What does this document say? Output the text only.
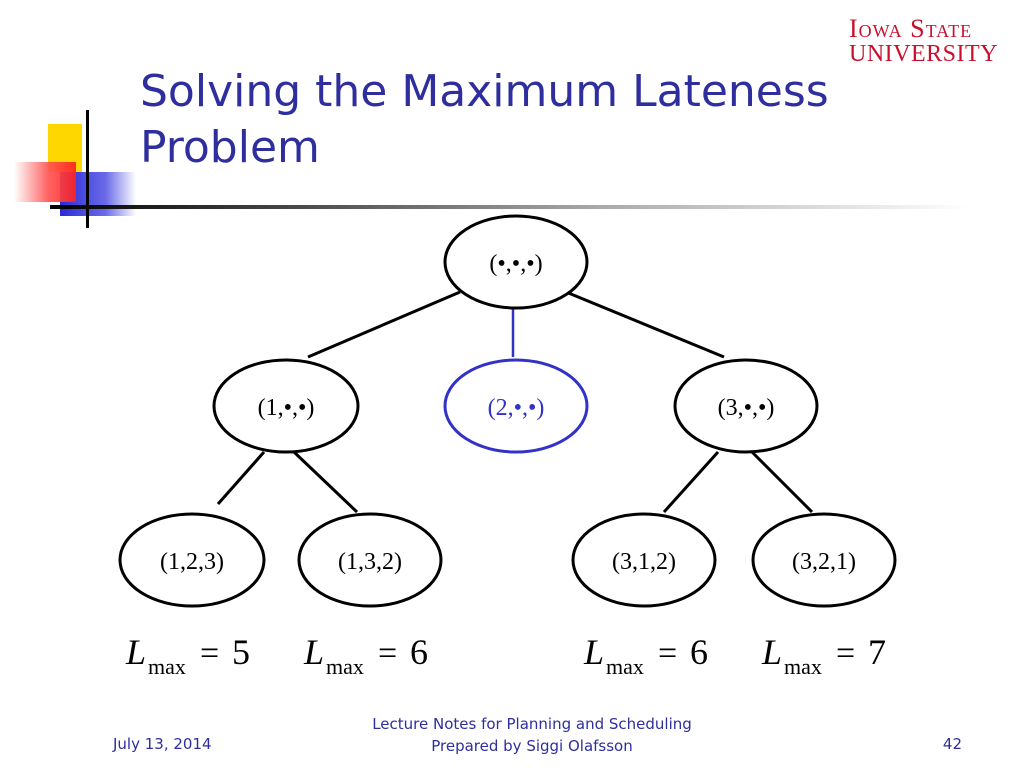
Iowa State
UNIVERSITY
Solving the Maximum Lateness
Problem
(•,•,•)
(1,•,•)	(2,•,•)	(3,•,•)
(1,2,3)	(1,3,2)	(3,1,2)	(3,2,1)
L max = 5 L max = 6	L max = 6 L max = 7
July 13, 2014
Lecture Notes for Planning and Scheduling
Prepared by Siggi Olafsson	42
